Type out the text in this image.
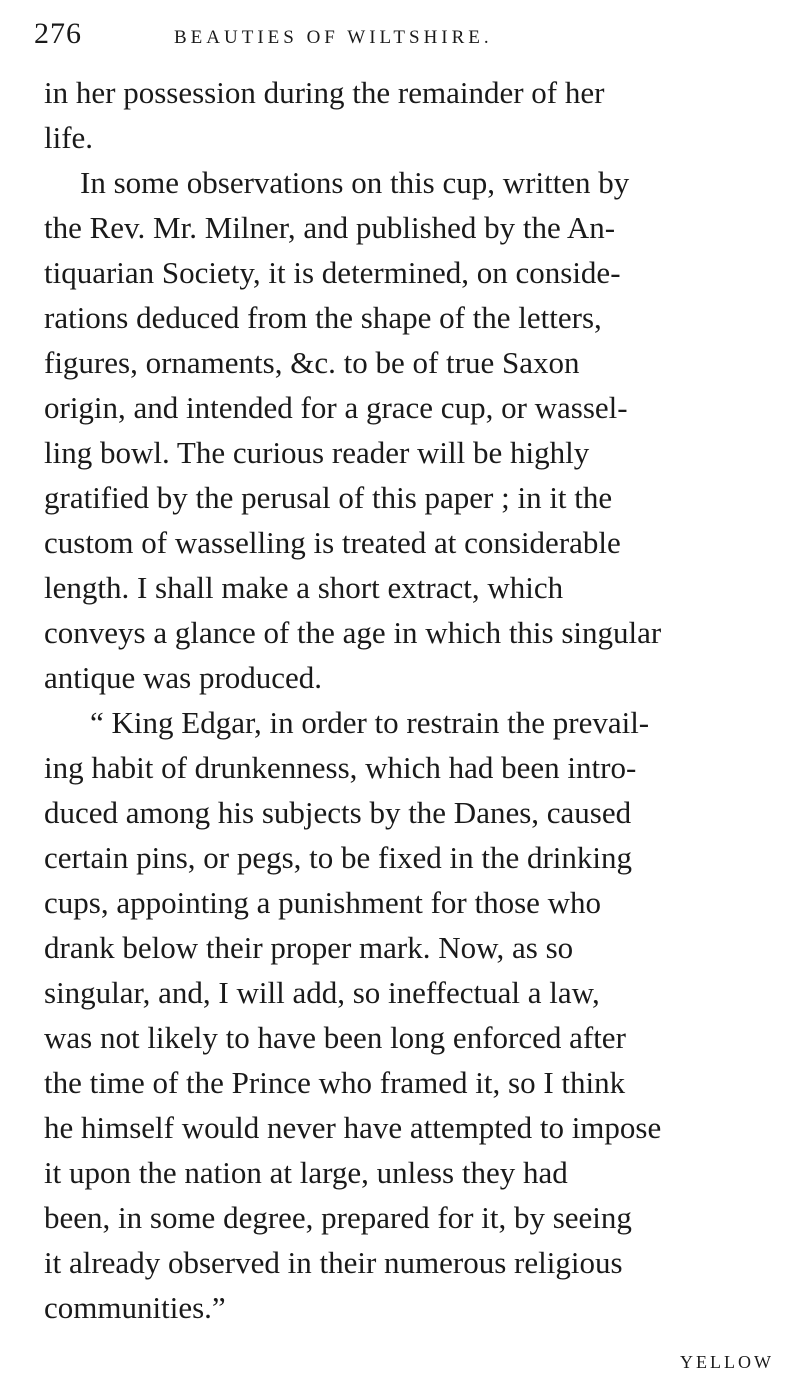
276	BEAUTIES OF WILTSHIRE.
in her possession during the remainder of her
life.
In some observations on this cup, written by
the Rev. Mr. Milner, and published by the An-
tiquarian Society, it is determined, on conside-
rations deduced from the shape of the letters,
figures, ornaments, &c. to be of true Saxon
origin, and intended for a grace cup, or wassel-
ling bowl. The curious reader will be highly
gratified by the perusal of this paper ; in it the
custom of wasselling is treated at considerable
length. I shall make a short extract, which
conveys a glance of the age in which this singular
antique was produced.
“ King Edgar, in order to restrain the prevail-
ing habit of drunkenness, which had been intro-
duced among his subjects by the Danes, caused
certain pins, or pegs, to be fixed in the drinking
cups, appointing a punishment for those who
drank below their proper mark. Now, as so
singular, and, I will add, so ineffectual a law,
was not likely to have been long enforced after
the time of the Prince who framed it, so I think
he himself would never have attempted to impose
it upon the nation at large, unless they had
been, in some degree, prepared for it, by seeing
it already observed in their numerous religious
communities.”
YELLOW
